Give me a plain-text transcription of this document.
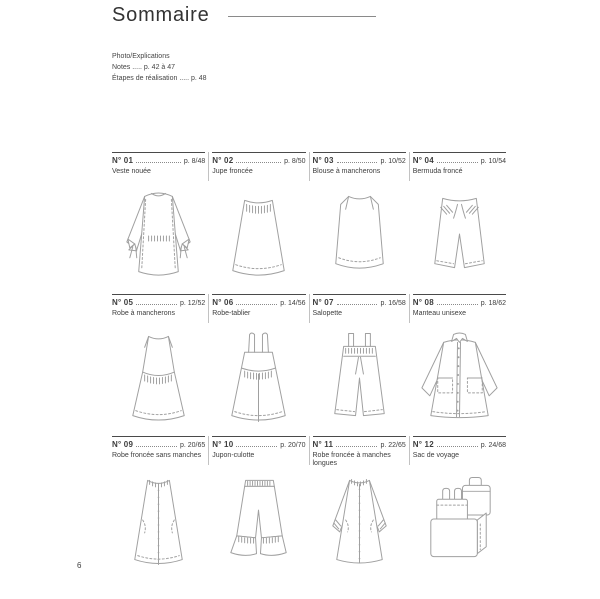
Sommaire
Photo/Explications
Notes ..... p. 42 à 47
Étapes de réalisation ..... p. 48
N° 01	p. 8/48
Veste nouée
N° 02	p. 8/50
Jupe froncée
N° 03	p. 10/52
Blouse à mancherons
N° 04	p. 10/54
Bermuda froncé
N° 05	p. 12/52
Robe à mancherons
N° 06	p. 14/56
Robe-tablier
N° 07	p. 16/58
Salopette
N° 08	p. 18/62
Manteau unisexe
N° 09	p. 20/65
Robe froncée sans manches
N° 10	p. 20/70
Jupon-culotte
N° 11	p. 22/65
Robe froncée à manches longues
N° 12	p. 24/68
Sac de voyage
6
